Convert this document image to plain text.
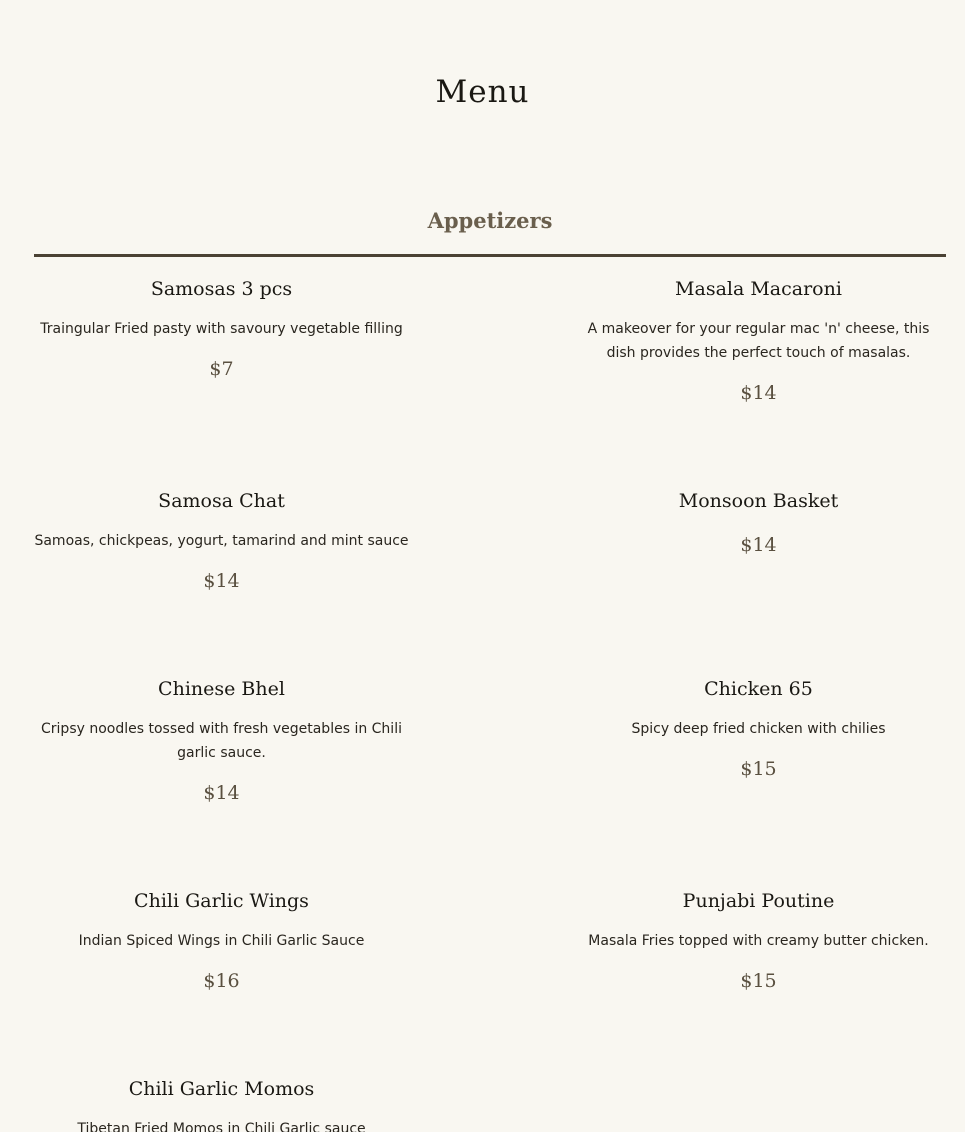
Menu
Appetizers

Samosas 3 pcs

Traingular Fried pasty with savoury vegetable filling

$7

Masala Macaroni

A makeover for your regular mac 'n' cheese, this dish provides the perfect touch of masalas.

$14

Samosa Chat

Samoas, chickpeas, yogurt, tamarind and mint sauce

$14

Monsoon Basket

$14

Chinese Bhel

Cripsy noodles tossed with fresh vegetables in Chili garlic sauce.

$14

Chicken 65

Spicy deep fried chicken with chilies

$15

Chili Garlic Wings

Indian Spiced Wings in Chili Garlic Sauce

$16

Punjabi Poutine

Masala Fries topped with creamy butter chicken.

$15

Chili Garlic Momos

Tibetan Fried Momos in Chili Garlic sauce
